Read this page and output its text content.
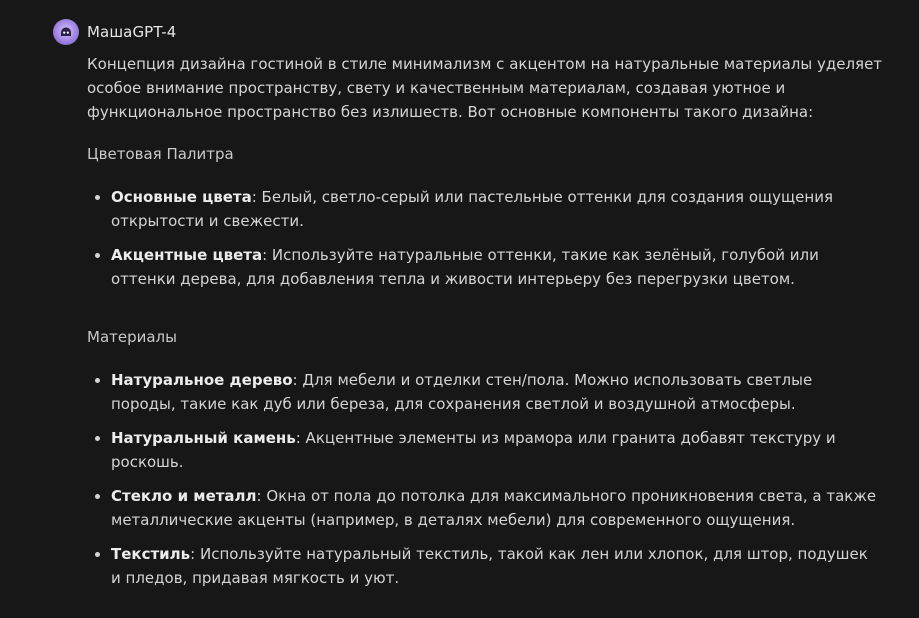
МашаGPT-4

Концепция дизайна гостиной в стиле минимализм с акцентом на натуральные материалы уделяет особое внимание пространству, свету и качественным материалам, создавая уютное и функциональное пространство без излишеств. Вот основные компоненты такого дизайна:

Цветовая Палитра

Основные цвета: Белый, светло-серый или пастельные оттенки для создания ощущения открытости и свежести.
Акцентные цвета: Используйте натуральные оттенки, такие как зелёный, голубой или оттенки дерева, для добавления тепла и живости интерьеру без перегрузки цветом.

Материалы

Натуральное дерево: Для мебели и отделки стен/пола. Можно использовать светлые породы, такие как дуб или береза, для сохранения светлой и воздушной атмосферы.
Натуральный камень: Акцентные элементы из мрамора или гранита добавят текстуру и роскошь.
Стекло и металл: Окна от пола до потолка для максимального проникновения света, а также металлические акценты (например, в деталях мебели) для современного ощущения.
Текстиль: Используйте натуральный текстиль, такой как лен или хлопок, для штор, подушек и пледов, придавая мягкость и уют.
